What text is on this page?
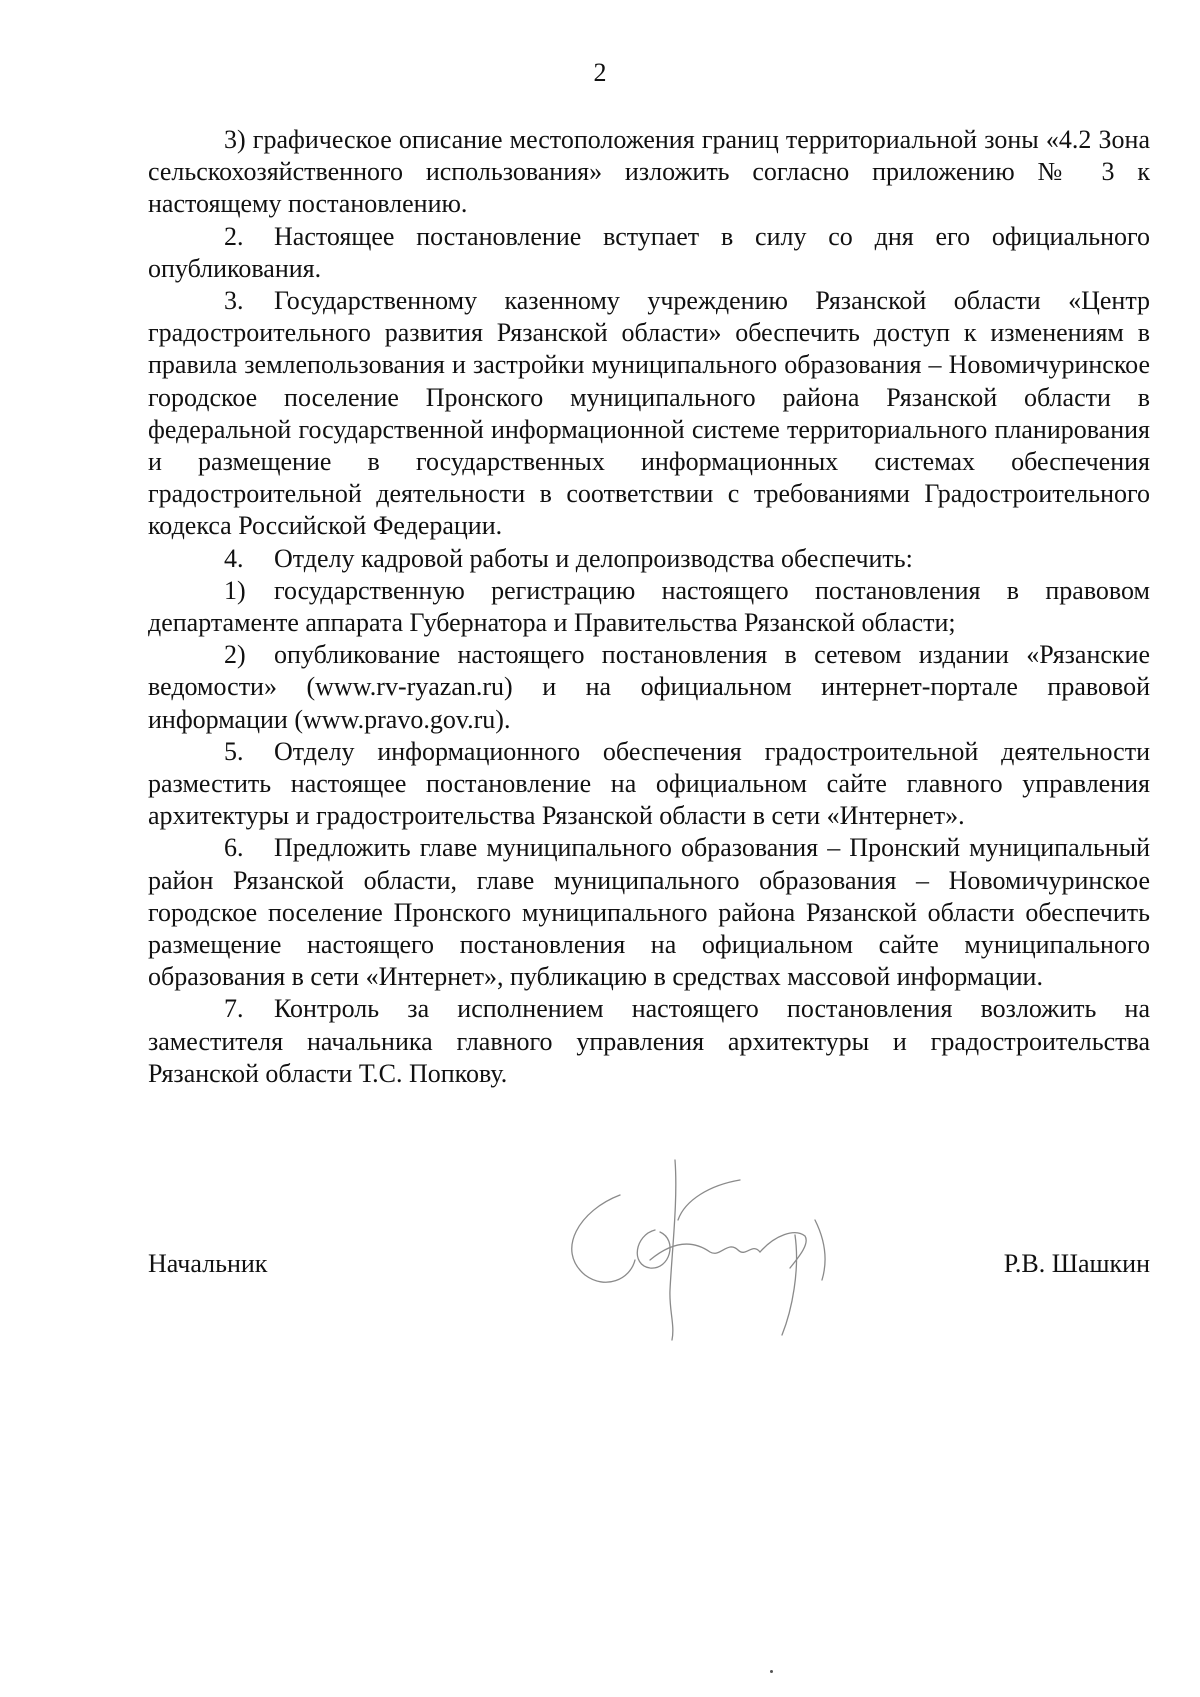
2

3) графическое описание местоположения границ территориальной зоны «4.2 Зона сельскохозяйственного использования» изложить согласно приложению № 3 к настоящему постановлению.

2. Настоящее постановление вступает в силу со дня его официального опубликования.

3. Государственному казенному учреждению Рязанской области «Центр градостроительного развития Рязанской области» обеспечить доступ к изменениям в правила землепользования и застройки муниципального образования – Новомичуринское городское поселение Пронского муниципального района Рязанской области в федеральной государственной информационной системе территориального планирования и размещение в государственных информационных системах обеспечения градостроительной деятельности в соответствии с требованиями Градостроительного кодекса Российской Федерации.

4. Отделу кадровой работы и делопроизводства обеспечить:

1) государственную регистрацию настоящего постановления в правовом департаменте аппарата Губернатора и Правительства Рязанской области;

2) опубликование настоящего постановления в сетевом издании «Рязанские ведомости» (www.rv-ryazan.ru) и на официальном интернет-портале правовой информации (www.pravo.gov.ru).

5. Отделу информационного обеспечения градостроительной деятельности разместить настоящее постановление на официальном сайте главного управления архитектуры и градостроительства Рязанской области в сети «Интернет».

6. Предложить главе муниципального образования – Пронский муниципальный район Рязанской области, главе муниципального образования – Новомичуринское городское поселение Пронского муниципального района Рязанской области обеспечить размещение настоящего постановления на официальном сайте муниципального образования в сети «Интернет», публикацию в средствах массовой информации.

7. Контроль за исполнением настоящего постановления возложить на заместителя начальника главного управления архитектуры и градостроительства Рязанской области Т.С. Попкову.

Начальник	Р.В. Шашкин
